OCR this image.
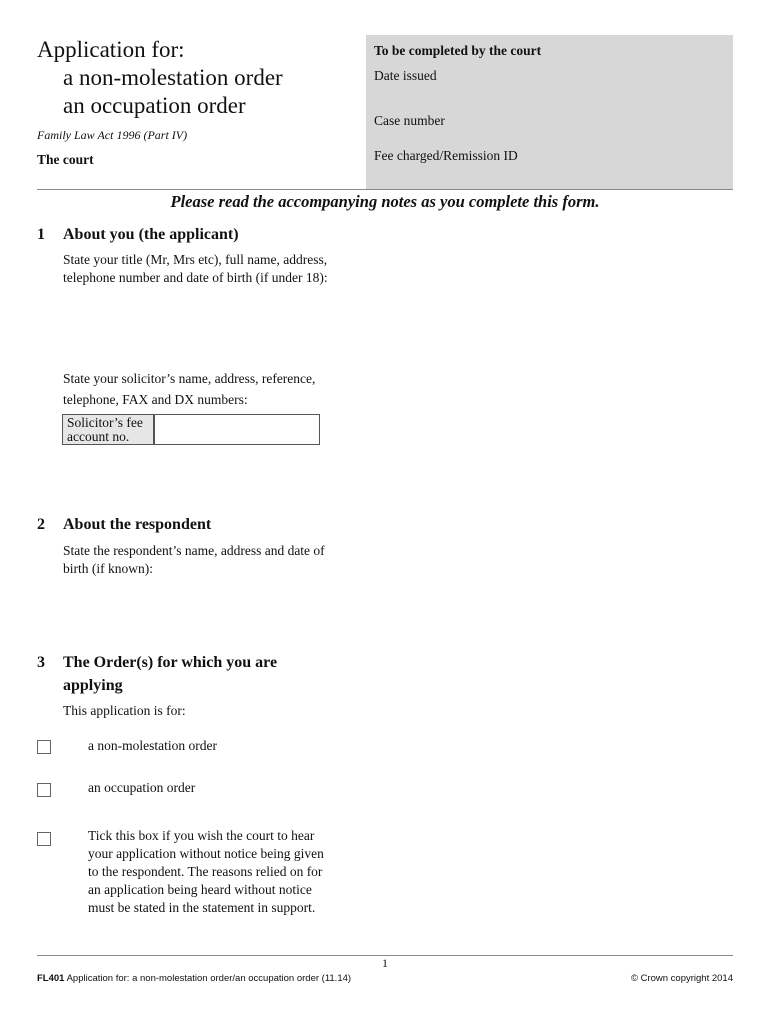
Application for:
a non-molestation order
an occupation order
Family Law Act 1996 (Part IV)
The court
To be completed by the court
Date issued
Case number
Fee charged/Remission ID
Please read the accompanying notes as you complete this form.
1 About you (the applicant)
State your title (Mr, Mrs etc), full name, address,
telephone number and date of birth (if under 18):
State your solicitor’s name, address, reference,
telephone, FAX and DX numbers:
Solicitor’s fee
account no.
2 About the respondent
State the respondent’s name, address and date of
birth (if known):
3 The Order(s) for which you are
applying
This application is for:
a non-molestation order
an occupation order
Tick this box if you wish the court to hear
your application without notice being given
to the respondent. The reasons relied on for
an application being heard without notice
must be stated in the statement in support.
1
FL401 Application for: a non-molestation order/an occupation order (11.14)	© Crown copyright 2014
